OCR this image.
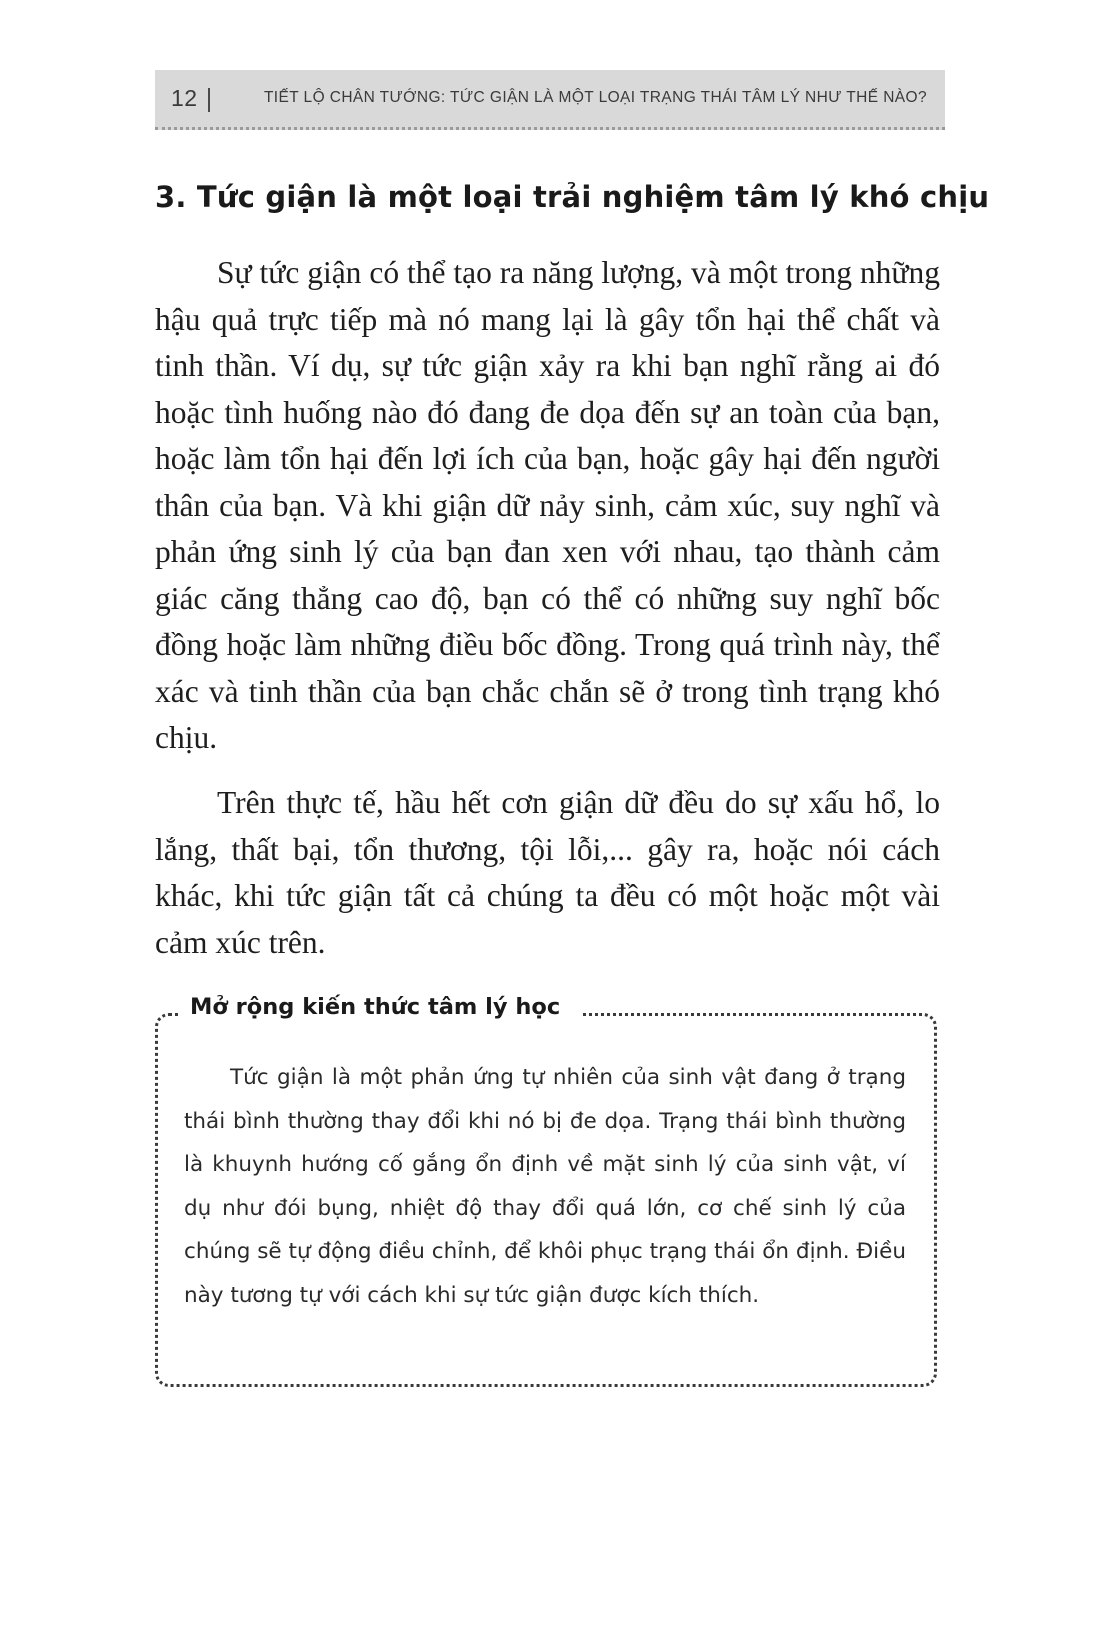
12	TIẾT LỘ CHÂN TƯỚNG: TỨC GIẬN LÀ MỘT LOẠI TRẠNG THÁI TÂM LÝ NHƯ THẾ NÀO?
3. Tức giận là một loại trải nghiệm tâm lý khó chịu

Sự tức giận có thể tạo ra năng lượng, và một trong những hậu quả trực tiếp mà nó mang lại là gây tổn hại thể chất và tinh thần. Ví dụ, sự tức giận xảy ra khi bạn nghĩ rằng ai đó hoặc tình huống nào đó đang đe dọa đến sự an toàn của bạn, hoặc làm tổn hại đến lợi ích của bạn, hoặc gây hại đến người thân của bạn. Và khi giận dữ nảy sinh, cảm xúc, suy nghĩ và phản ứng sinh lý của bạn đan xen với nhau, tạo thành cảm giác căng thẳng cao độ, bạn có thể có những suy nghĩ bốc đồng hoặc làm những điều bốc đồng. Trong quá trình này, thể xác và tinh thần của bạn chắc chắn sẽ ở trong tình trạng khó chịu.

Trên thực tế, hầu hết cơn giận dữ đều do sự xấu hổ, lo lắng, thất bại, tổn thương, tội lỗi,... gây ra, hoặc nói cách khác, khi tức giận tất cả chúng ta đều có một hoặc một vài cảm xúc trên.

Mở rộng kiến thức tâm lý học

Tức giận là một phản ứng tự nhiên của sinh vật đang ở trạng thái bình thường thay đổi khi nó bị đe dọa. Trạng thái bình thường là khuynh hướng cố gắng ổn định về mặt sinh lý của sinh vật, ví dụ như đói bụng, nhiệt độ thay đổi quá lớn, cơ chế sinh lý của chúng sẽ tự động điều chỉnh, để khôi phục trạng thái ổn định. Điều này tương tự với cách khi sự tức giận được kích thích.
